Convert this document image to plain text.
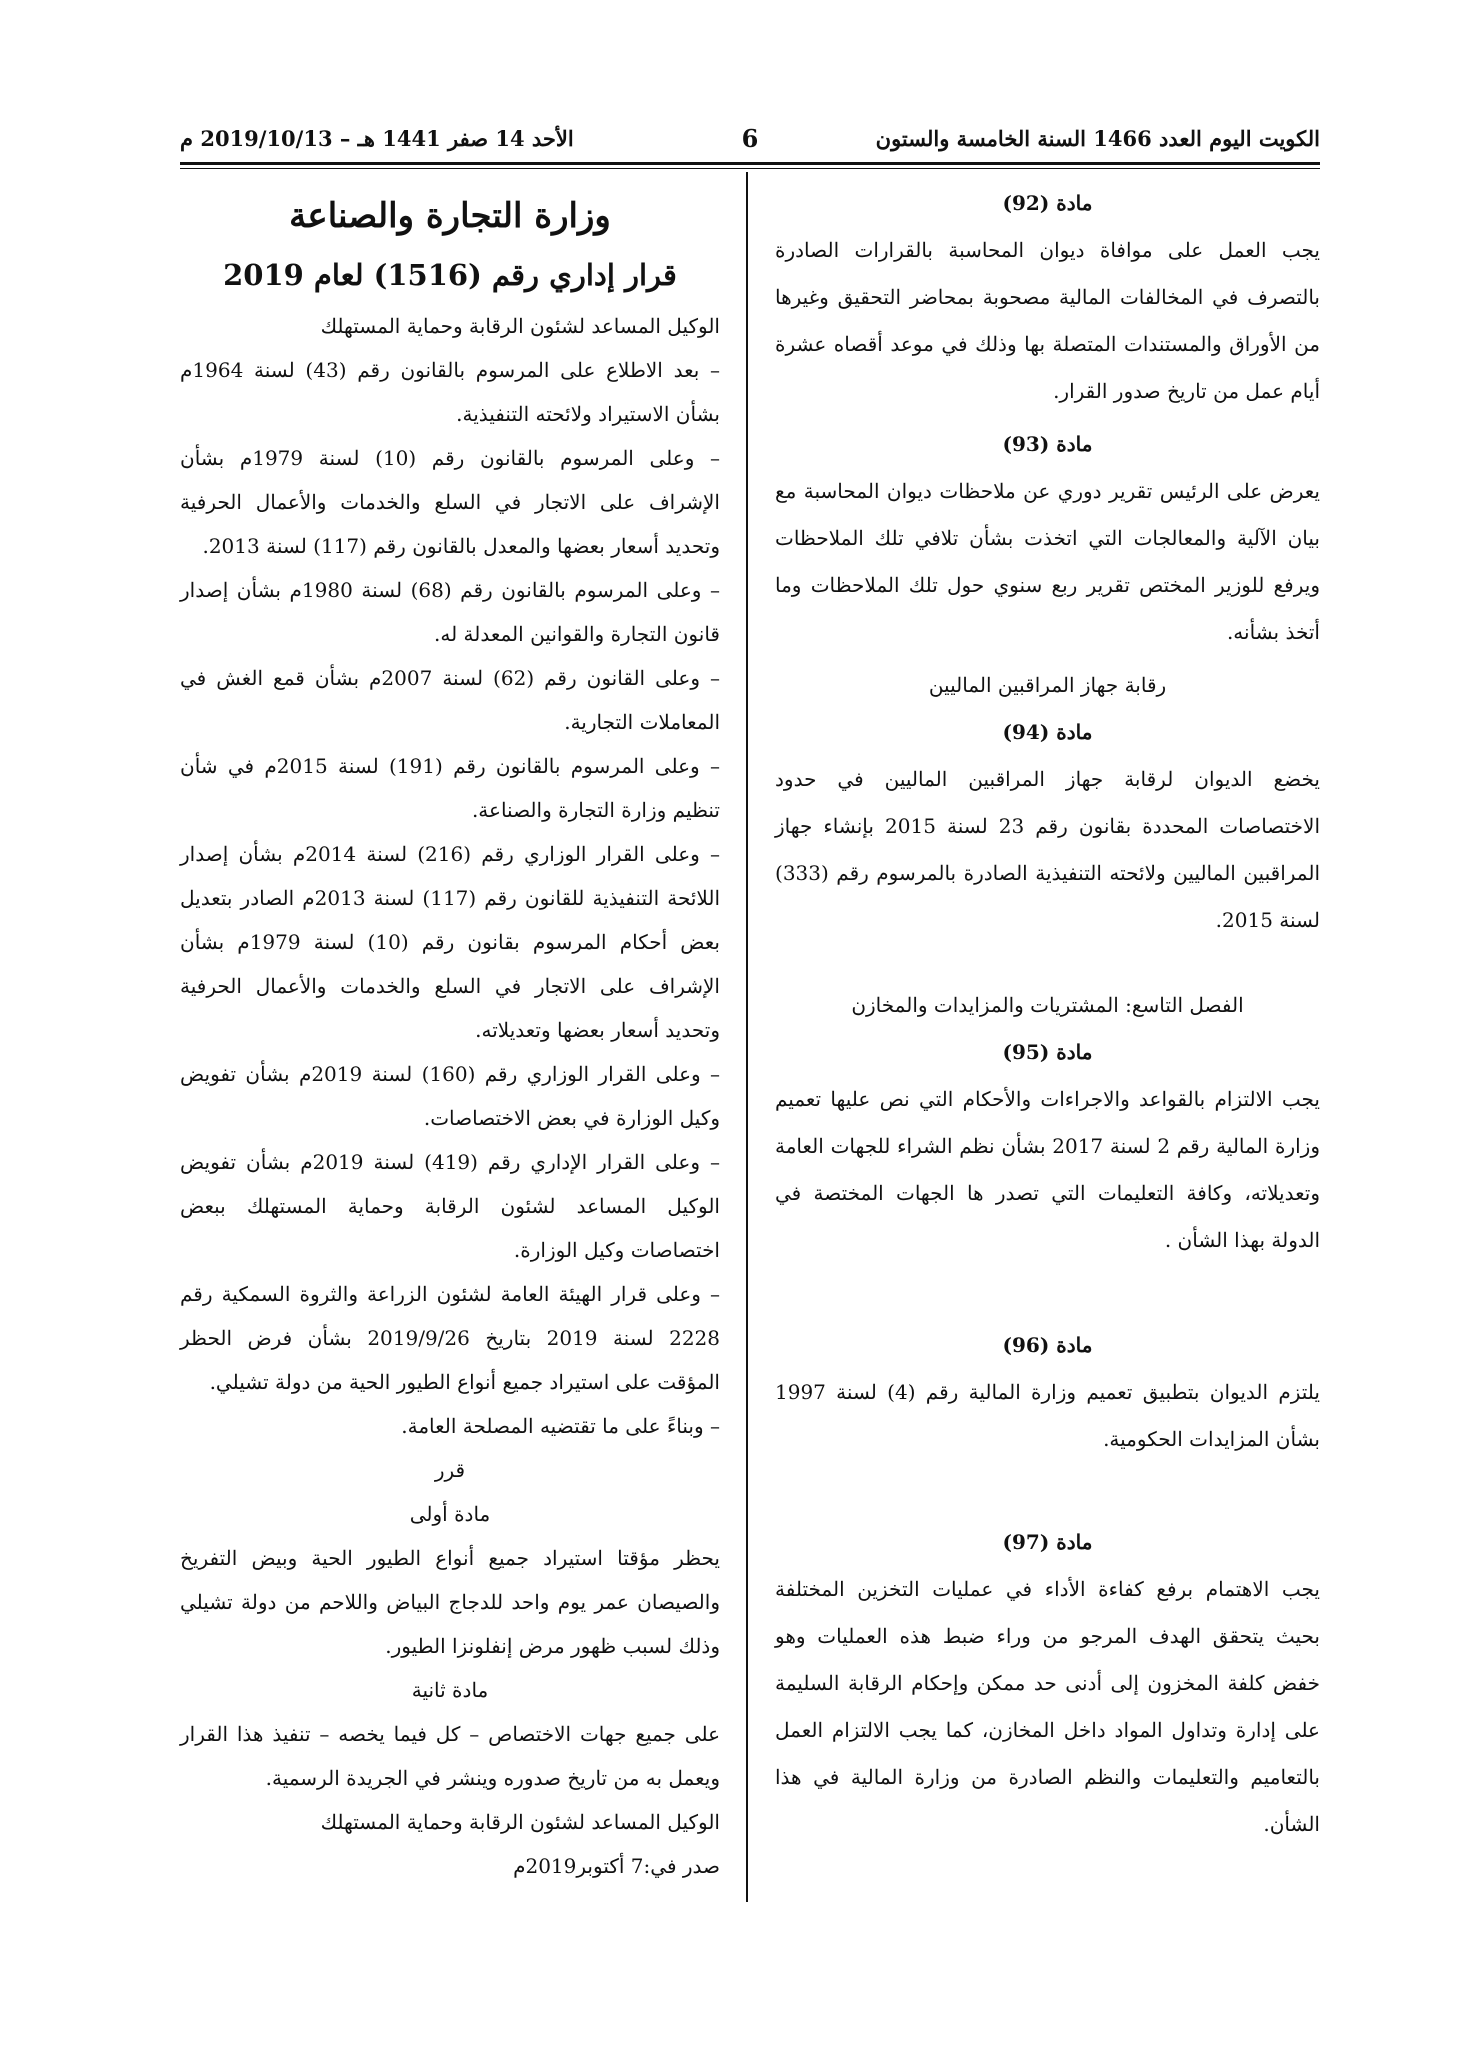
الكويت اليوم العدد 1466 السنة الخامسة والستون
6
الأحد 14 صفر 1441 هـ – 2019/10/13 م
مادة (92)

يجب العمل على موافاة ديوان المحاسبة بالقرارات الصادرة بالتصرف في المخالفات المالية مصحوبة بمحاضر التحقيق وغيرها من الأوراق والمستندات المتصلة بها وذلك في موعد أقصاه عشرة أيام عمل من تاريخ صدور القرار.

مادة (93)

يعرض على الرئيس تقرير دوري عن ملاحظات ديوان المحاسبة مع بيان الآلية والمعالجات التي اتخذت بشأن تلافي تلك الملاحظات ويرفع للوزير المختص تقرير ربع سنوي حول تلك الملاحظات وما أتخذ بشأنه.

رقابة جهاز المراقبين الماليين
مادة (94)

يخضع الديوان لرقابة جهاز المراقبين الماليين في حدود الاختصاصات المحددة بقانون رقم 23 لسنة 2015 بإنشاء جهاز المراقبين الماليين ولائحته التنفيذية الصادرة بالمرسوم رقم (333) لسنة 2015.

الفصل التاسع: المشتريات والمزايدات والمخازن
مادة (95)

يجب الالتزام بالقواعد والاجراءات والأحكام التي نص عليها تعميم وزارة المالية رقم 2 لسنة 2017 بشأن نظم الشراء للجهات العامة وتعديلاته، وكافة التعليمات التي تصدر ها الجهات المختصة في الدولة بهذا الشأن .

مادة (96)

يلتزم الديوان بتطبيق تعميم وزارة المالية رقم (4) لسنة 1997 بشأن المزايدات الحكومية.

مادة (97)

يجب الاهتمام برفع كفاءة الأداء في عمليات التخزين المختلفة بحيث يتحقق الهدف المرجو من وراء ضبط هذه العمليات وهو خفض كلفة المخزون إلى أدنى حد ممكن وإحكام الرقابة السليمة على إدارة وتداول المواد داخل المخازن، كما يجب الالتزام العمل بالتعاميم والتعليمات والنظم الصادرة من وزارة المالية في هذا الشأن.

وزارة التجارة والصناعة
قرار إداري رقم (1516) لعام 2019

الوكيل المساعد لشئون الرقابة وحماية المستهلك

– بعد الاطلاع على المرسوم بالقانون رقم (43) لسنة 1964م بشأن الاستيراد ولائحته التنفيذية.

– وعلى المرسوم بالقانون رقم (10) لسنة 1979م بشأن الإشراف على الاتجار في السلع والخدمات والأعمال الحرفية وتحديد أسعار بعضها والمعدل بالقانون رقم (117) لسنة 2013.

– وعلى المرسوم بالقانون رقم (68) لسنة 1980م بشأن إصدار قانون التجارة والقوانين المعدلة له.

– وعلى القانون رقم (62) لسنة 2007م بشأن قمع الغش في المعاملات التجارية.

– وعلى المرسوم بالقانون رقم (191) لسنة 2015م في شأن تنظيم وزارة التجارة والصناعة.

– وعلى القرار الوزاري رقم (216) لسنة 2014م بشأن إصدار اللائحة التنفيذية للقانون رقم (117) لسنة 2013م الصادر بتعديل بعض أحكام المرسوم بقانون رقم (10) لسنة 1979م بشأن الإشراف على الاتجار في السلع والخدمات والأعمال الحرفية وتحديد أسعار بعضها وتعديلاته.

– وعلى القرار الوزاري رقم (160) لسنة 2019م بشأن تفويض وكيل الوزارة في بعض الاختصاصات.

– وعلى القرار الإداري رقم (419) لسنة 2019م بشأن تفويض الوكيل المساعد لشئون الرقابة وحماية المستهلك ببعض اختصاصات وكيل الوزارة.

– وعلى قرار الهيئة العامة لشئون الزراعة والثروة السمكية رقم 2228 لسنة 2019 بتاريخ 2019/9/26 بشأن فرض الحظر المؤقت على استيراد جميع أنواع الطيور الحية من دولة تشيلي.

– وبناءً على ما تقتضيه المصلحة العامة.

قرر
مادة أولى

يحظر مؤقتا استيراد جميع أنواع الطيور الحية وبيض التفريخ والصيصان عمر يوم واحد للدجاج البياض واللاحم من دولة تشيلي وذلك لسبب ظهور مرض إنفلونزا الطيور.

مادة ثانية

على جميع جهات الاختصاص – كل فيما يخصه – تنفيذ هذا القرار ويعمل به من تاريخ صدوره وينشر في الجريدة الرسمية.

الوكيل المساعد لشئون الرقابة وحماية المستهلك

صدر في:7 أكتوبر2019م
